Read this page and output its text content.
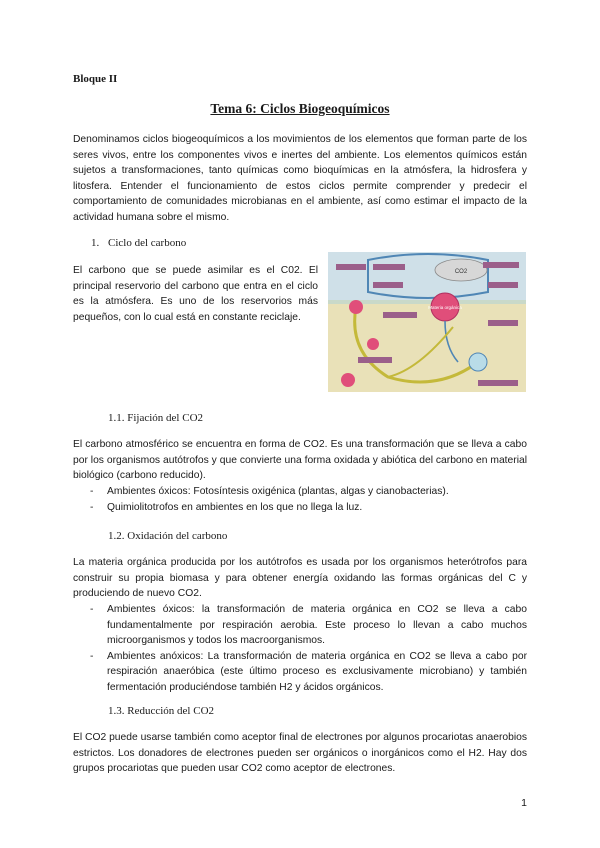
Bloque II
Tema 6: Ciclos Biogeoquímicos

Denominamos ciclos biogeoquímicos a los movimientos de los elementos que forman parte de los seres vivos, entre los componentes vivos e inertes del ambiente. Los elementos químicos están sujetos a transformaciones, tanto químicas como bioquímicas en la atmósfera, la hidrosfera y litosfera. Entender el funcionamiento de estos ciclos permite comprender y predecir el comportamiento de comunidades microbianas en el ambiente, así como estimar el impacto de la actividad humana sobre el mismo.

1. Ciclo del carbono

El carbono que se puede asimilar es el C02. El principal reservorio del carbono que entra en el ciclo es la atmósfera. Es uno de los reservorios más pequeños, con lo cual está en constante reciclaje.

CO2
Materia orgánica
1.1. Fijación del CO2

El carbono atmosférico se encuentra en forma de CO2. Es una transformación que se lleva a cabo por los organismos autótrofos y que convierte una forma oxidada y abiótica del carbono en material biológico (carbono reducido).

- Ambientes óxicos: Fotosíntesis oxigénica (plantas, algas y cianobacterias).
- Quimiolitotrofos en ambientes en los que no llega la luz.
1.2. Oxidación del carbono

La materia orgánica producida por los autótrofos es usada por los organismos heterótrofos para construir su propia biomasa y para obtener energía oxidando las formas orgánicas del C y produciendo de nuevo CO2.

- Ambientes óxicos: la transformación de materia orgánica en CO2 se lleva a cabo fundamentalmente por respiración aerobia. Este proceso lo llevan a cabo muchos microorganismos y todos los macroorganismos.
- Ambientes anóxicos: La transformación de materia orgánica en CO2 se lleva a cabo por respiración anaeróbica (este último proceso es exclusivamente microbiano) y también fermentación produciéndose también H2 y ácidos orgánicos.
1.3. Reducción del CO2

El CO2 puede usarse también como aceptor final de electrones por algunos procariotas anaerobios estrictos. Los donadores de electrones pueden ser orgánicos o inorgánicos como el H2. Hay dos grupos procariotas que pueden usar CO2 como aceptor de electrones.

1
